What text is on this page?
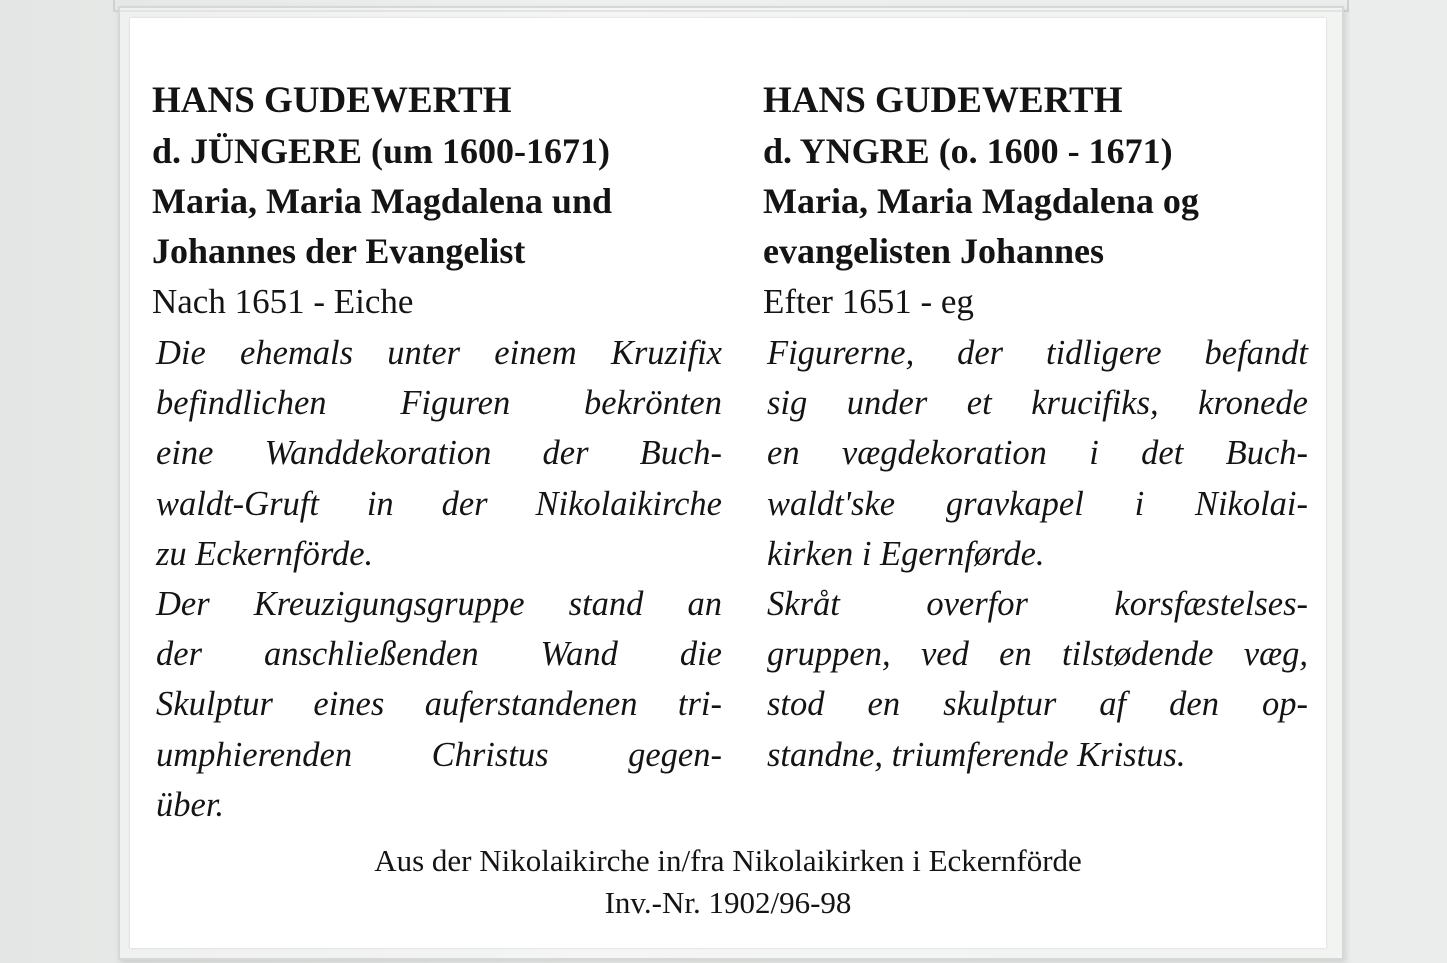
HANS GUDEWERTH
d. JÜNGERE (um 1600-1671)
Maria, Maria Magdalena und
Johannes der Evangelist
Nach 1651 - Eiche
Die ehemals unter einem Kruzifix
befindlichen Figuren bekrönten
eine Wanddekoration der Buch-
waldt-Gruft in der Nikolaikirche
zu Eckernförde.
Der Kreuzigungsgruppe stand an
der anschließenden Wand die
Skulptur eines auferstandenen tri-
umphierenden Christus gegen-
über.
HANS GUDEWERTH
d. YNGRE (o. 1600 - 1671)
Maria, Maria Magdalena og
evangelisten Johannes
Efter 1651 - eg
Figurerne, der tidligere befandt
sig under et krucifiks, kronede
en vægdekoration i det Buch-
waldt'ske gravkapel i Nikolai-
kirken i Egernførde.
Skråt overfor korsfæstelses-
gruppen, ved en tilstødende væg,
stod en skulptur af den op-
standne, triumferende Kristus.
Aus der Nikolaikirche in/fra Nikolaikirken i Eckernförde
Inv.-Nr. 1902/96-98
